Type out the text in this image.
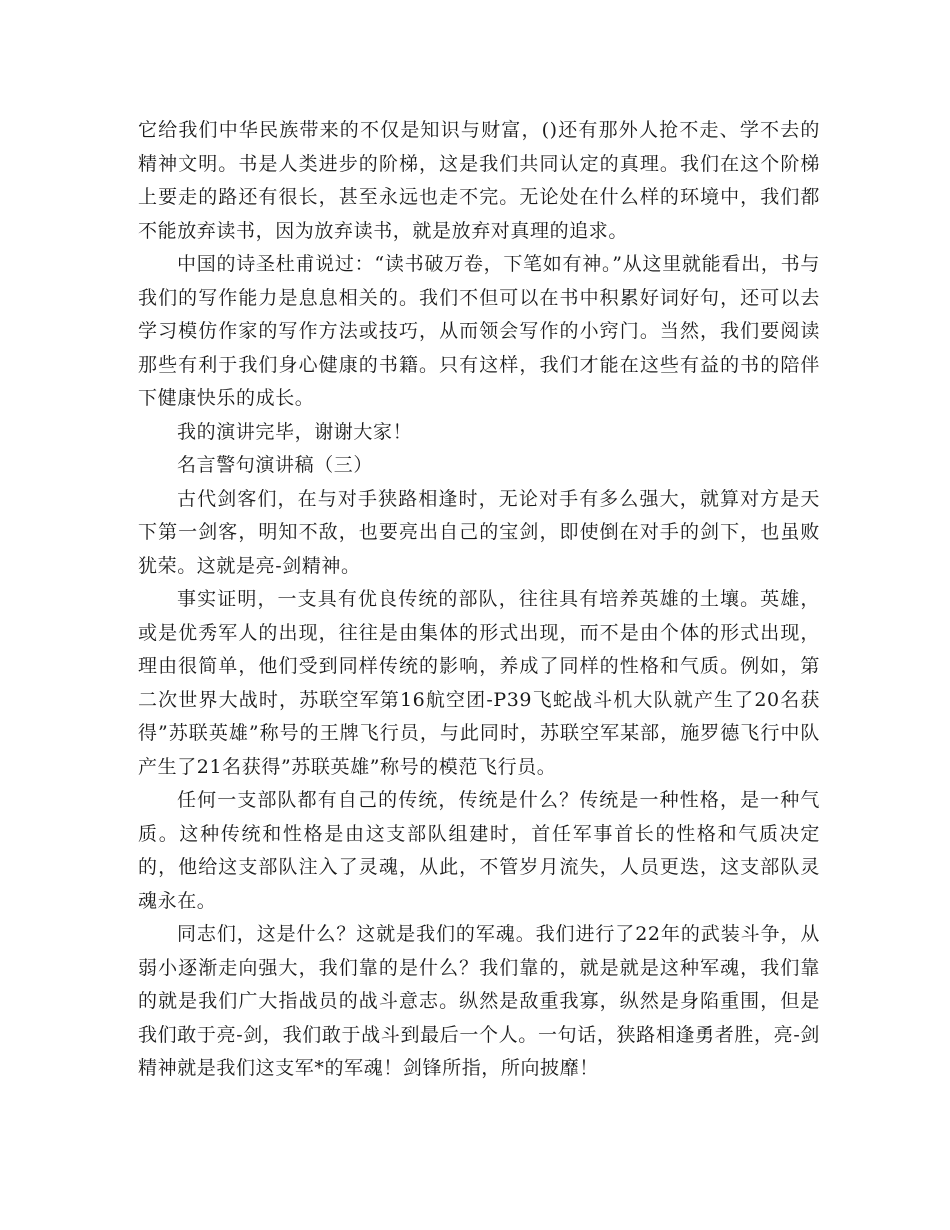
它给我们中华民族带来的不仅是知识与财富，()还有那外人抢不走、学不去的精神文明。书是人类进步的阶梯，这是我们共同认定的真理。我们在这个阶梯上要走的路还有很长，甚至永远也走不完。无论处在什么样的环境中，我们都不能放弃读书，因为放弃读书，就是放弃对真理的追求。

中国的诗圣杜甫说过：“读书破万卷，下笔如有神。”从这里就能看出，书与我们的写作能力是息息相关的。我们不但可以在书中积累好词好句，还可以去学习模仿作家的写作方法或技巧，从而领会写作的小窍门。当然，我们要阅读那些有利于我们身心健康的书籍。只有这样，我们才能在这些有益的书的陪伴下健康快乐的成长。

我的演讲完毕，谢谢大家！

名言警句演讲稿（三）

古代剑客们，在与对手狭路相逢时，无论对手有多么强大，就算对方是天下第一剑客，明知不敌，也要亮出自己的宝剑，即使倒在对手的剑下，也虽败犹荣。这就是亮-剑精神。

事实证明，一支具有优良传统的部队，往往具有培养英雄的土壤。英雄，或是优秀军人的出现，往往是由集体的形式出现，而不是由个体的形式出现，理由很简单，他们受到同样传统的影响，养成了同样的性格和气质。例如，第二次世界大战时，苏联空军第16航空团-P39飞蛇战斗机大队就产生了20名获得”苏联英雄”称号的王牌飞行员，与此同时，苏联空军某部，施罗德飞行中队产生了21名获得”苏联英雄”称号的模范飞行员。

任何一支部队都有自己的传统，传统是什么？传统是一种性格，是一种气质。这种传统和性格是由这支部队组建时，首任军事首长的性格和气质决定的，他给这支部队注入了灵魂，从此，不管岁月流失，人员更迭，这支部队灵魂永在。

同志们，这是什么？这就是我们的军魂。我们进行了22年的武装斗争，从弱小逐渐走向强大，我们靠的是什么？我们靠的，就是就是这种军魂，我们靠的就是我们广大指战员的战斗意志。纵然是敌重我寡，纵然是身陷重围，但是我们敢于亮-剑，我们敢于战斗到最后一个人。一句话，狭路相逢勇者胜，亮-剑精神就是我们这支军*的军魂！剑锋所指，所向披靡！
